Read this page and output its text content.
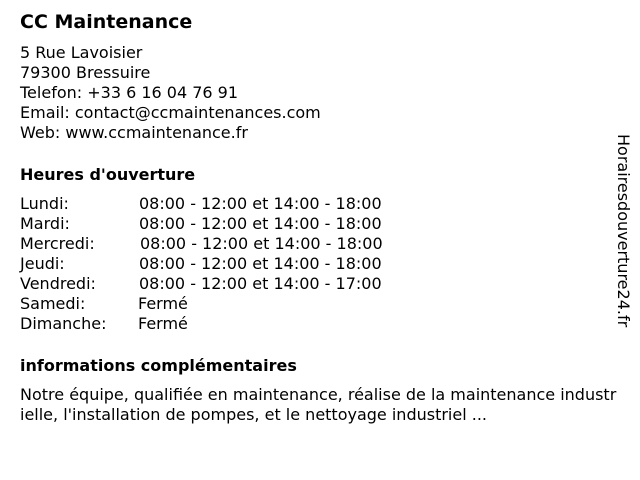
CC Maintenance
5 Rue Lavoisier
79300 Bressuire
Telefon: +33 6 16 04 76 91
Email: contact@ccmaintenances.com
Web: www.ccmaintenance.fr
Heures d'ouverture
Lundi:	08:00 - 12:00 et 14:00 - 18:00
Mardi:	08:00 - 12:00 et 14:00 - 18:00
Mercredi:	08:00 - 12:00 et 14:00 - 18:00
Jeudi:	08:00 - 12:00 et 14:00 - 18:00
Vendredi:	08:00 - 12:00 et 14:00 - 17:00
Samedi:	Fermé
Dimanche:	Fermé
informations complémentaires

Notre équipe, qualifiée en maintenance, réalise de la maintenance industrielle, l'installation de pompes, et le nettoyage industriel ...

Horairesdouverture24.fr
